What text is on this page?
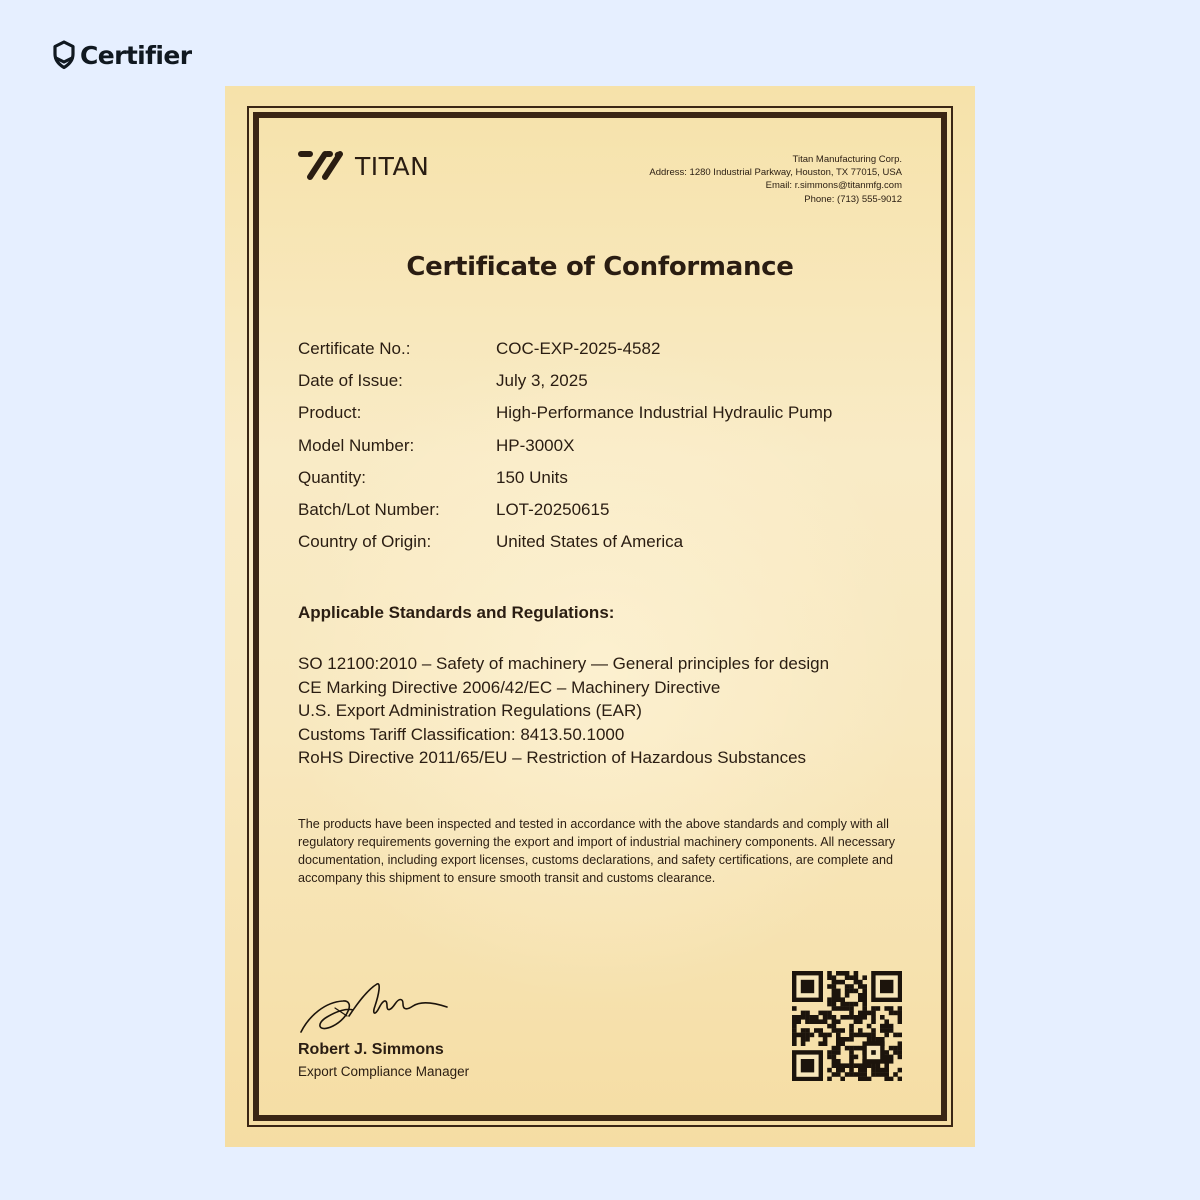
Certifier
TITAN	Titan Manufacturing Corp.
Address: 1280 Industrial Parkway, Houston, TX 77015, USA
Email: r.simmons@titanmfg.com
Phone: (713) 555-9012
Certificate of Conformance
Certificate No.:	COC-EXP-2025-4582
Date of Issue:	July 3, 2025
Product:	High-Performance Industrial Hydraulic Pump
Model Number:	HP-3000X
Quantity:	150 Units
Batch/Lot Number:	LOT-20250615
Country of Origin:	United States of America
Applicable Standards and Regulations:
SO 12100:2010 – Safety of machinery — General principles for design
CE Marking Directive 2006/42/EC – Machinery Directive
U.S. Export Administration Regulations (EAR)
Customs Tariff Classification: 8413.50.1000
RoHS Directive 2011/65/EU – Restriction of Hazardous Substances
The products have been inspected and tested in accordance with the above standards and comply with all regulatory requirements governing the export and import of industrial machinery components. All necessary documentation, including export licenses, customs declarations, and safety certifications, are complete and accompany this shipment to ensure smooth transit and customs clearance.
Robert J. Simmons
Export Compliance Manager
